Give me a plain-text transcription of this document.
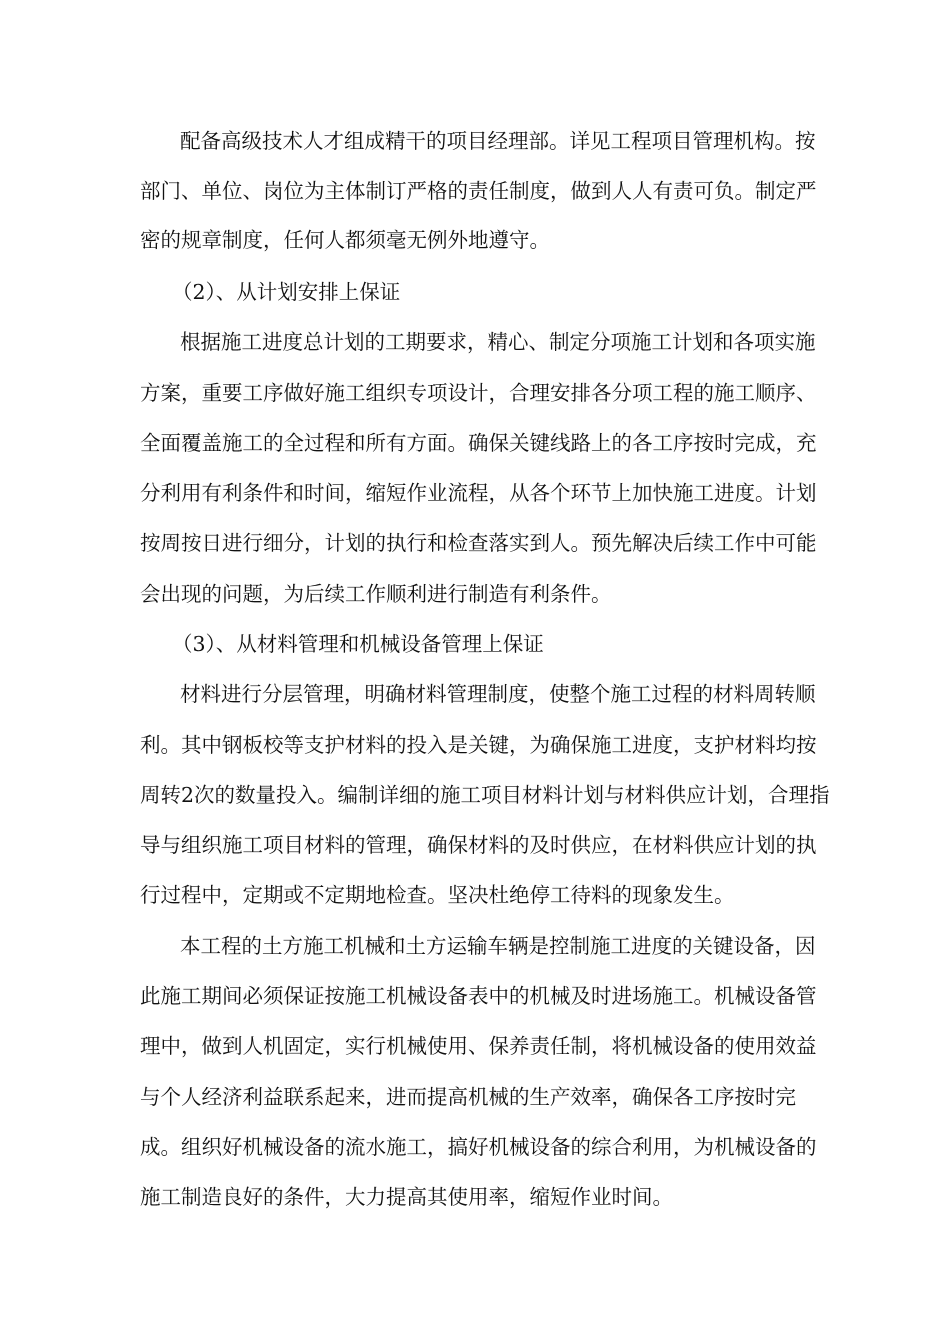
配备高级技术人才组成精干的项目经理部。详见工程项目管理机构。按
部门、单位、岗位为主体制订严格的责任制度，做到人人有责可负。制定严
密的规章制度，任何人都须毫无例外地遵守。
（2）、从计划安排上保证
根据施工进度总计划的工期要求，精心、制定分项施工计划和各项实施
方案，重要工序做好施工组织专项设计，合理安排各分项工程的施工顺序、
全面覆盖施工的全过程和所有方面。确保关键线路上的各工序按时完成，充
分利用有利条件和时间，缩短作业流程，从各个环节上加快施工进度。计划
按周按日进行细分，计划的执行和检查落实到人。预先解决后续工作中可能
会出现的问题，为后续工作顺利进行制造有利条件。
（3）、从材料管理和机械设备管理上保证
材料进行分层管理，明确材料管理制度，使整个施工过程的材料周转顺
利。其中钢板校等支护材料的投入是关键，为确保施工进度，支护材料均按
周转2次的数量投入。编制详细的施工项目材料计划与材料供应计划，合理指
导与组织施工项目材料的管理，确保材料的及时供应，在材料供应计划的执
行过程中，定期或不定期地检查。坚决杜绝停工待料的现象发生。
本工程的土方施工机械和土方运输车辆是控制施工进度的关键设备，因
此施工期间必须保证按施工机械设备表中的机械及时进场施工。机械设备管
理中，做到人机固定，实行机械使用、保养责任制，将机械设备的使用效益
与个人经济利益联系起来，进而提高机械的生产效率，确保各工序按时完
成。组织好机械设备的流水施工，搞好机械设备的综合利用，为机械设备的
施工制造良好的条件，大力提高其使用率，缩短作业时间。
